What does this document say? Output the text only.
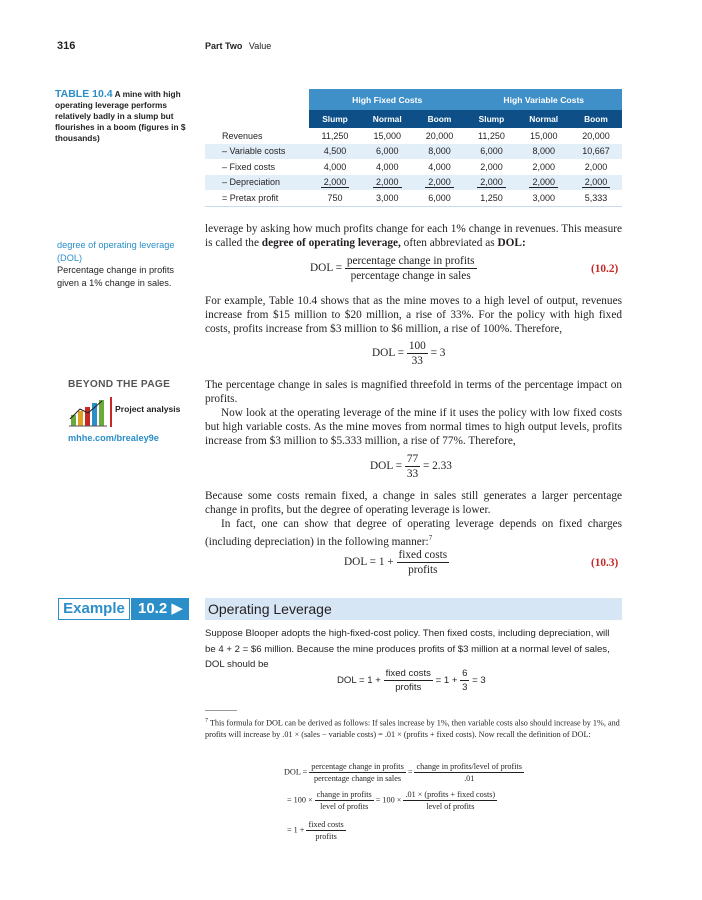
316	Part Two Value
TABLE 10.4 A mine with high operating leverage performs relatively badly in a slump but flourishes in a boom (figures in $ thousands)
	High Fixed Costs			High Variable Costs		
	Slump	Normal	Boom	Slump	Normal	Boom
Revenues	11,250	15,000	20,000	11,250	15,000	20,000
– Variable costs	4,500	6,000	8,000	6,000	8,000	10,667
– Fixed costs	4,000	4,000	4,000	2,000	2,000	2,000
– Depreciation	2,000	2,000	2,000	2,000	2,000	2,000
= Pretax profit	750	3,000	6,000	1,250	3,000	5,333
degree of operating leverage (DOL)
Percentage change in profits given a 1% change in sales.
BEYOND THE PAGE
Project analysis
mhhe.com/brealey9e
leverage by asking how much profits change for each 1% change in revenues. This measure is called the degree of operating leverage, often abbreviated as DOL:
DOL = $\frac{\text{percentage change in profits}}{\text{percentage change in sales}}$	(10.2)
For example, Table 10.4 shows that as the mine moves to a high level of output, revenues increase from $15 million to $20 million, a rise of 33%. For the policy with high fixed costs, profits increase from $3 million to $6 million, a rise of 100%. Therefore,
DOL = $\frac{100}{33} = 3$
The percentage change in sales is magnified threefold in terms of the percentage impact on profits.
Now look at the operating leverage of the mine if it uses the policy with low fixed costs but high variable costs. As the mine moves from normal times to high output levels, profits increase from $3 million to $5.333 million, a rise of 77%. Therefore,
DOL = $\frac{77}{33} = 2.33$
Because some costs remain fixed, a change in sales still generates a larger percentage change in profits, but the degree of operating leverage is lower.
In fact, one can show that degree of operating leverage depends on fixed charges (including depreciation) in the following manner:$^7$
DOL = $1 + \frac{\text{fixed costs}}{\text{profits}}$	(10.3)
Example 10.2 ▶	Operating Leverage
Suppose Blooper adopts the high-fixed-cost policy. Then fixed costs, including depreciation, will be 4 + 2 = $6 million. Because the mine produces profits of $3 million at a normal level of sales, DOL should be
DOL = $1 + \frac{\text{fixed costs}}{\text{profits}} = 1 + \frac{6}{3} = 3$
$^7$ This formula for DOL can be derived as follows: If sales increase by 1%, then variable costs also should increase by 1%, and profits will increase by .01 × (sales − variable costs) = .01 × (profits + fixed costs). Now recall the definition of DOL:
DOL = $\frac{\text{percentage change in profits}}{\text{percentage change in sales}} = \frac{\text{change in profits/level of profits}}{.01}$
= $100 \times \frac{\text{change in profits}}{\text{level of profits}} = 100 \times \frac{\text{.01 × (profits + fixed costs)}}{\text{level of profits}}$
= $1 + \frac{\text{fixed costs}}{\text{profits}}$
